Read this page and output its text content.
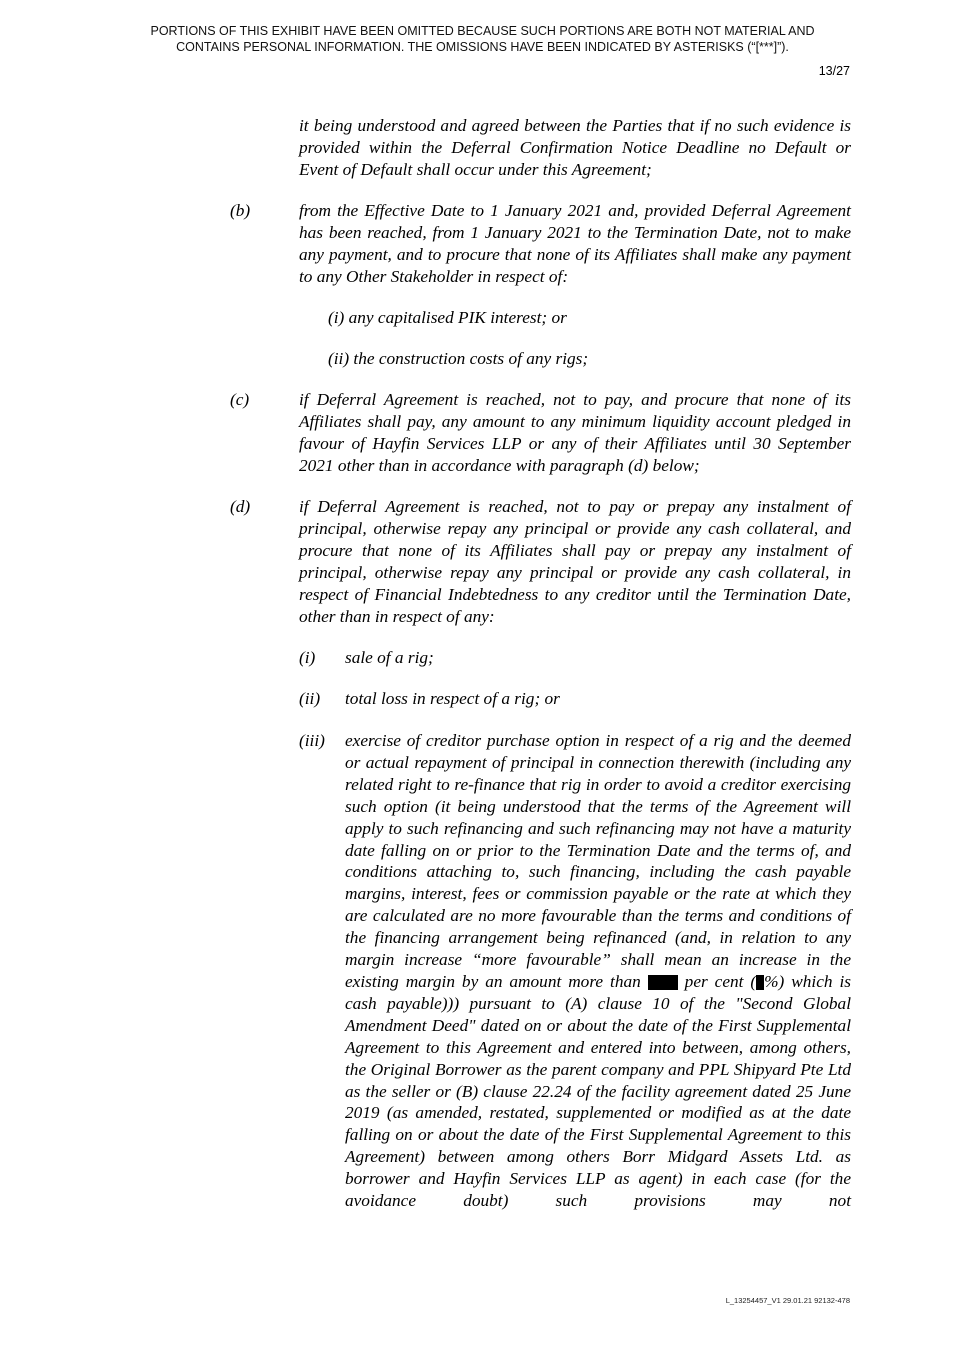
PORTIONS OF THIS EXHIBIT HAVE BEEN OMITTED BECAUSE SUCH PORTIONS ARE BOTH NOT MATERIAL AND
CONTAINS PERSONAL INFORMATION. THE OMISSIONS HAVE BEEN INDICATED BY ASTERISKS (“[***]”).
13/27
it being understood and agreed between the Parties that if no such evidence is provided within the Deferral Confirmation Notice Deadline no Default or Event of Default shall occur under this Agreement;
(b)	from the Effective Date to 1 January 2021 and, provided Deferral Agreement has been reached, from 1 January 2021 to the Termination Date, not to make any payment, and to procure that none of its Affiliates shall make any payment to any Other Stakeholder in respect of:
(i) any capitalised PIK interest; or
(ii) the construction costs of any rigs;
(c)	if Deferral Agreement is reached, not to pay, and procure that none of its Affiliates shall pay, any amount to any minimum liquidity account pledged in favour of Hayfin Services LLP or any of their Affiliates until 30 September 2021 other than in accordance with paragraph (d) below;
(d)	if Deferral Agreement is reached, not to pay or prepay any instalment of principal, otherwise repay any principal or provide any cash collateral, and procure that none of its Affiliates shall pay or prepay any instalment of principal, otherwise repay any principal or provide any cash collateral, in respect of Financial Indebtedness to any creditor until the Termination Date, other than in respect of any:
(i) sale of a rig;
(ii) total loss in respect of a rig; or
(iii) exercise of creditor purchase option in respect of a rig and the deemed or actual repayment of principal in connection therewith (including any related right to re-finance that rig in order to avoid a creditor exercising such option (it being understood that the terms of the Agreement will apply to such refinancing and such refinancing may not have a maturity date falling on or prior to the Termination Date and the terms of, and conditions attaching to, such financing, including the cash payable margins, interest, fees or commission payable or the rate at which they are calculated are no more favourable than the terms and conditions of the financing arrangement being refinanced (and, in relation to any margin increase “more favourable” shall mean an increase in the existing margin by an amount more than	per cent ( %) which is cash payable))) pursuant to (A) clause 10 of the "Second Global Amendment Deed" dated on or about the date of the First Supplemental Agreement to this Agreement and entered into between, among others, the Original Borrower as the parent company and PPL Shipyard Pte Ltd as the seller or (B) clause 22.24 of the facility agreement dated 25 June 2019 (as amended, restated, supplemented or modified as at the date falling on or about the date of the First Supplemental Agreement to this Agreement) between among others Borr Midgard Assets Ltd. as borrower and Hayfin Services LLP as agent) in each case (for the avoidance doubt) such provisions may not
L_13254457_V1 29.01.21 92132-478
